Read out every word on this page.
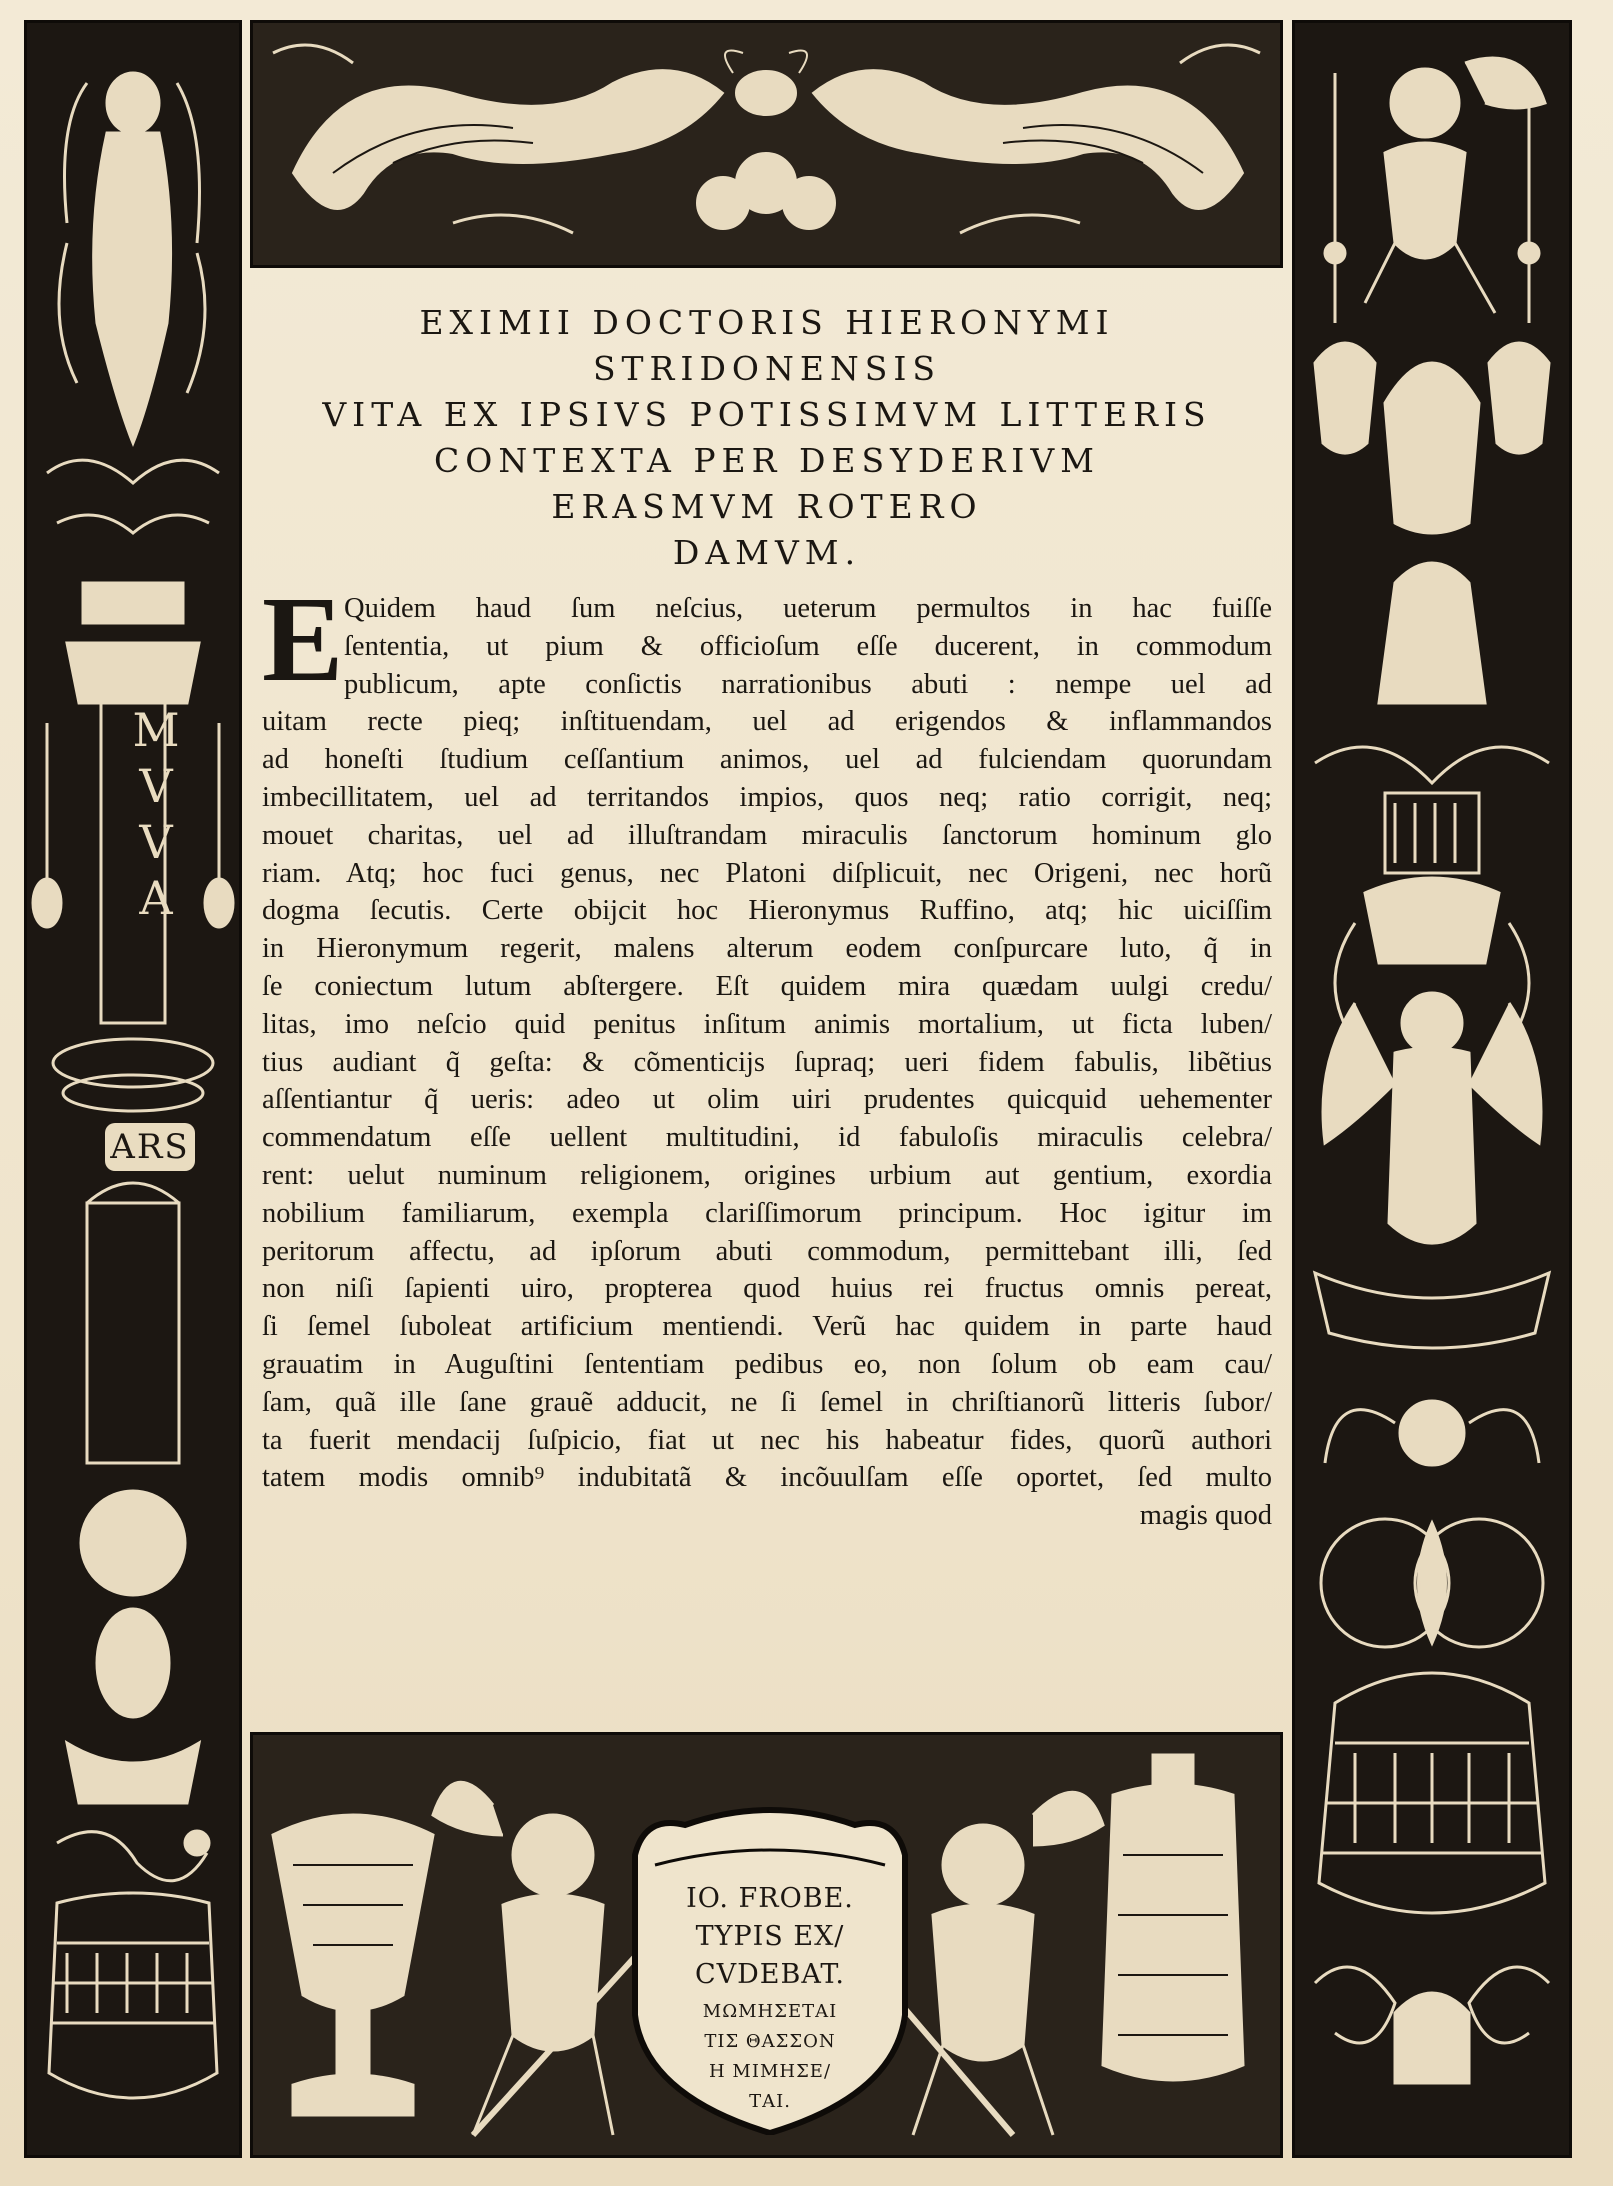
MVVA
ARS
IO. FROBE.
TYPIS EX/
CVDEBAT.
ΜΩΜΗΣΕΤΑΙ
ΤΙΣ ΘΑΣΣΟΝ
Η ΜΙΜΗΣΕ/
ΤΑΙ.
EXIMII DOCTORIS HIERONYMI STRIDONENSIS
VITA EX IPSIVS POTISSIMVM LITTERIS
CONTEXTA PER DESYDERIVM
ERASMVM ROTERO
DAMVM.
E Quidem haud ſum neſcius, ueterum permultos in hac fuiſſe
ſententia, ut pium & officioſum eſſe ducerent, in commodum
publicum, apte conſictis narrationibus abuti : nempe uel ad
uitam recte pieq; inſtituendam, uel ad erigendos & inflammandos
ad honeſti ſtudium ceſſantium animos, uel ad fulciendam quorundam
imbecillitatem, uel ad territandos impios, quos neq; ratio corrigit, neq;
mouet charitas, uel ad illuſtrandam miraculis ſanctorum hominum glo
riam. Atq; hoc fuci genus, nec Platoni diſplicuit, nec Origeni, nec horũ
dogma ſecutis. Certe obijcit hoc Hieronymus Ruffino, atq; hic uiciſſim
in Hieronymum regerit, malens alterum eodem conſpurcare luto, q̃ in
ſe coniectum lutum abſtergere. Eſt quidem mira quædam uulgi credu/
litas, imo neſcio quid penitus inſitum animis mortalium, ut ficta luben/
tius audiant q̃ geſta: & cõmenticijs ſupraq; ueri fidem fabulis, libẽtius
aſſentiantur q̃ ueris: adeo ut olim uiri prudentes quicquid uehementer
commendatum eſſe uellent multitudini, id fabuloſis miraculis celebra/
rent: uelut numinum religionem, origines urbium aut gentium, exordia
nobilium familiarum, exempla clariſſimorum principum. Hoc igitur im
peritorum affectu, ad ipſorum abuti commodum, permittebant illi, ſed
non niſi ſapienti uiro, propterea quod huius rei fructus omnis pereat,
ſi ſemel ſuboleat artificium mentiendi. Verũ hac quidem in parte haud
grauatim in Auguſtini ſententiam pedibus eo, non ſolum ob eam cau/
ſam, quã ille ſane grauẽ adducit, ne ſi ſemel in chriſtianorũ litteris ſubor/
ta fuerit mendacij ſuſpicio, fiat ut nec his habeatur fides, quorũ authori
tatem modis omnib⁹ indubitatã & incõuulſam eſſe oportet, ſed multo
magis quod
